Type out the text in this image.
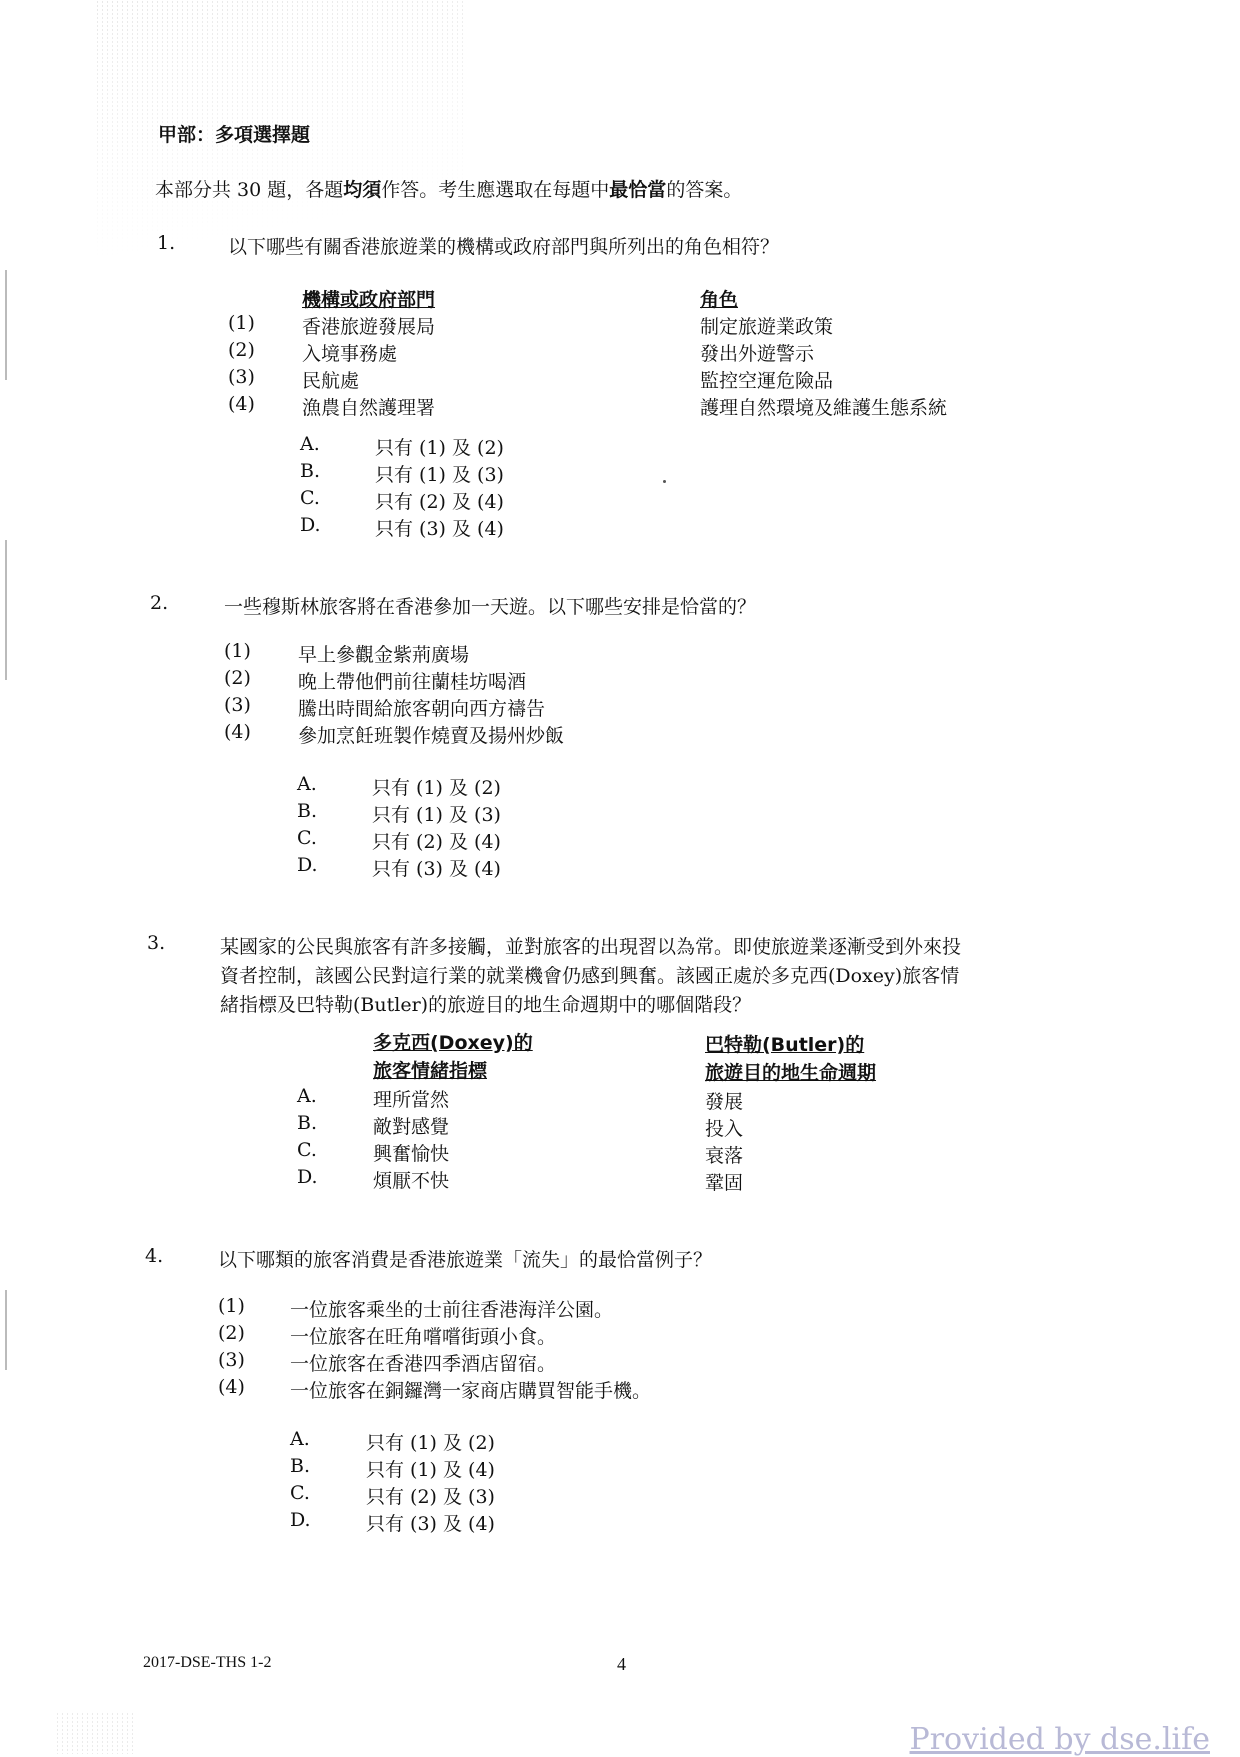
甲部：多項選擇題
本部分共 30 題，各題均須作答。考生應選取在每題中最恰當的答案。
1.	以下哪些有關香港旅遊業的機構或政府部門與所列出的角色相符？
機構或政府部門	角色
(1) 香港旅遊發展局	制定旅遊業政策
(2) 入境事務處	發出外遊警示
(3) 民航處	監控空運危險品
(4) 漁農自然護理署	護理自然環境及維護生態系統
A.	只有 (1) 及 (2)
B.	只有 (1) 及 (3)
C.	只有 (2) 及 (4)
D.	只有 (3) 及 (4)
2.	一些穆斯林旅客將在香港參加一天遊。以下哪些安排是恰當的？
(1) 早上參觀金紫荊廣場
(2) 晚上帶他們前往蘭桂坊喝酒
(3) 騰出時間給旅客朝向西方禱告
(4) 參加烹飪班製作燒賣及揚州炒飯
A.	只有 (1) 及 (2)
B.	只有 (1) 及 (3)
C.	只有 (2) 及 (4)
D.	只有 (3) 及 (4)
3.	某國家的公民與旅客有許多接觸，並對旅客的出現習以為常。即使旅遊業逐漸受到外來投
資者控制，該國公民對這行業的就業機會仍感到興奮。該國正處於多克西(Doxey)旅客情
緒指標及巴特勒(Butler)的旅遊目的地生命週期中的哪個階段？
多克西(Doxey)的
旅客情緒指標
巴特勒(Butler)的
旅遊目的地生命週期
A.	理所當然	發展
B.	敵對感覺	投入
C.	興奮愉快	衰落
D.	煩厭不快	鞏固
4.	以下哪類的旅客消費是香港旅遊業「流失」的最恰當例子？
(1) 一位旅客乘坐的士前往香港海洋公園。
(2) 一位旅客在旺角嚐嚐街頭小食。
(3) 一位旅客在香港四季酒店留宿。
(4) 一位旅客在銅鑼灣一家商店購買智能手機。
A.	只有 (1) 及 (2)
B.	只有 (1) 及 (4)
C.	只有 (2) 及 (3)
D.	只有 (3) 及 (4)
2017-DSE-THS 1-2	4
Provided by dse.life
